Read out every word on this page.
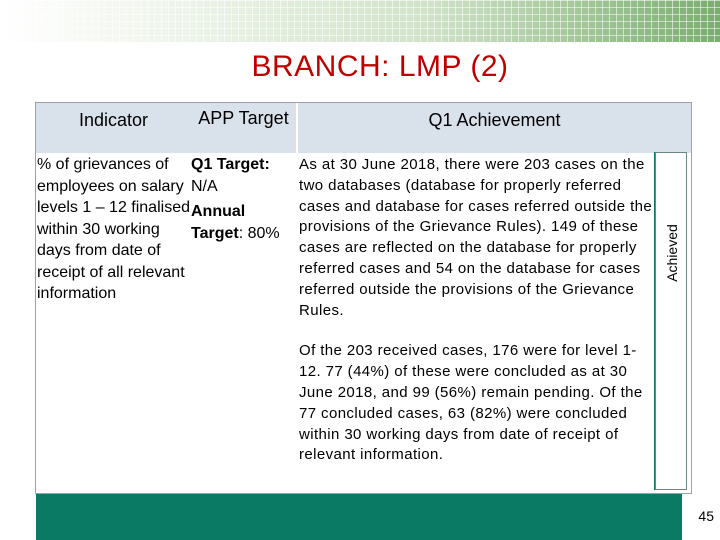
BRANCH: LMP (2)
Indicator	APP Target	Q1 Achievement
% of grievances of employees on salary levels 1 – 12 finalised within 30 working days from date of receipt of all relevant information
Q1 Target:
N/A
Annual Target: 80%

As at 30 June 2018, there were 203 cases on the two databases (database for properly referred cases and database for cases referred outside the provisions of the Grievance Rules). 149 of these cases are reflected on the database for properly referred cases and 54 on the database for cases referred outside the provisions of the Grievance Rules.

Of the 203 received cases, 176 were for level 1-12. 77 (44%) of these were concluded as at 30 June 2018, and 99 (56%) remain pending. Of the 77 concluded cases, 63 (82%) were concluded within 30 working days from date of receipt of relevant information.

Achieved
45
